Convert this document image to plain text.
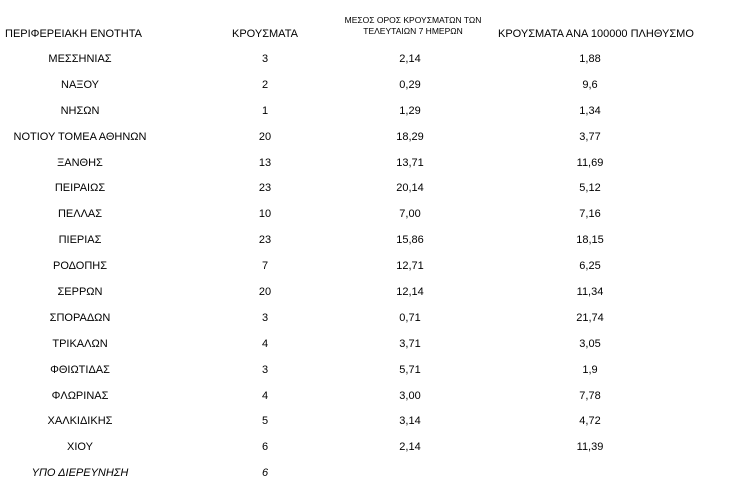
ΠΕΡΙΦΕΡΕΙΑΚΗ ΕΝΟΤΗΤΑ	ΚΡΟΥΣΜΑΤΑ
ΜΕΣΟΣ ΟΡΟΣ ΚΡΟΥΣΜΑΤΩΝ ΤΩΝ
ΤΕΛΕΥΤΑΙΩΝ 7 ΗΜΕΡΩΝ	ΚΡΟΥΣΜΑΤΑ ΑΝΑ 100000 ΠΛΗΘΥΣΜΟ
ΜΕΣΣΗΝΙΑΣ	3	2,14	1,88
ΝΑΞΟΥ	2	0,29	9,6
ΝΗΣΩΝ	1	1,29	1,34
ΝΟΤΙΟΥ ΤΟΜΕΑ ΑΘΗΝΩΝ	20	18,29	3,77
ΞΑΝΘΗΣ	13	13,71	11,69
ΠΕΙΡΑΙΩΣ	23	20,14	5,12
ΠΕΛΛΑΣ	10	7,00	7,16
ΠΙΕΡΙΑΣ	23	15,86	18,15
ΡΟΔΟΠΗΣ	7	12,71	6,25
ΣΕΡΡΩΝ	20	12,14	11,34
ΣΠΟΡΑΔΩΝ	3	0,71	21,74
ΤΡΙΚΑΛΩΝ	4	3,71	3,05
ΦΘΙΩΤΙΔΑΣ	3	5,71	1,9
ΦΛΩΡΙΝΑΣ	4	3,00	7,78
ΧΑΛΚΙΔΙΚΗΣ	5	3,14	4,72
ΧΙΟΥ	6	2,14	11,39
ΥΠΟ ΔΙΕΡΕΥΝΗΣΗ	6
